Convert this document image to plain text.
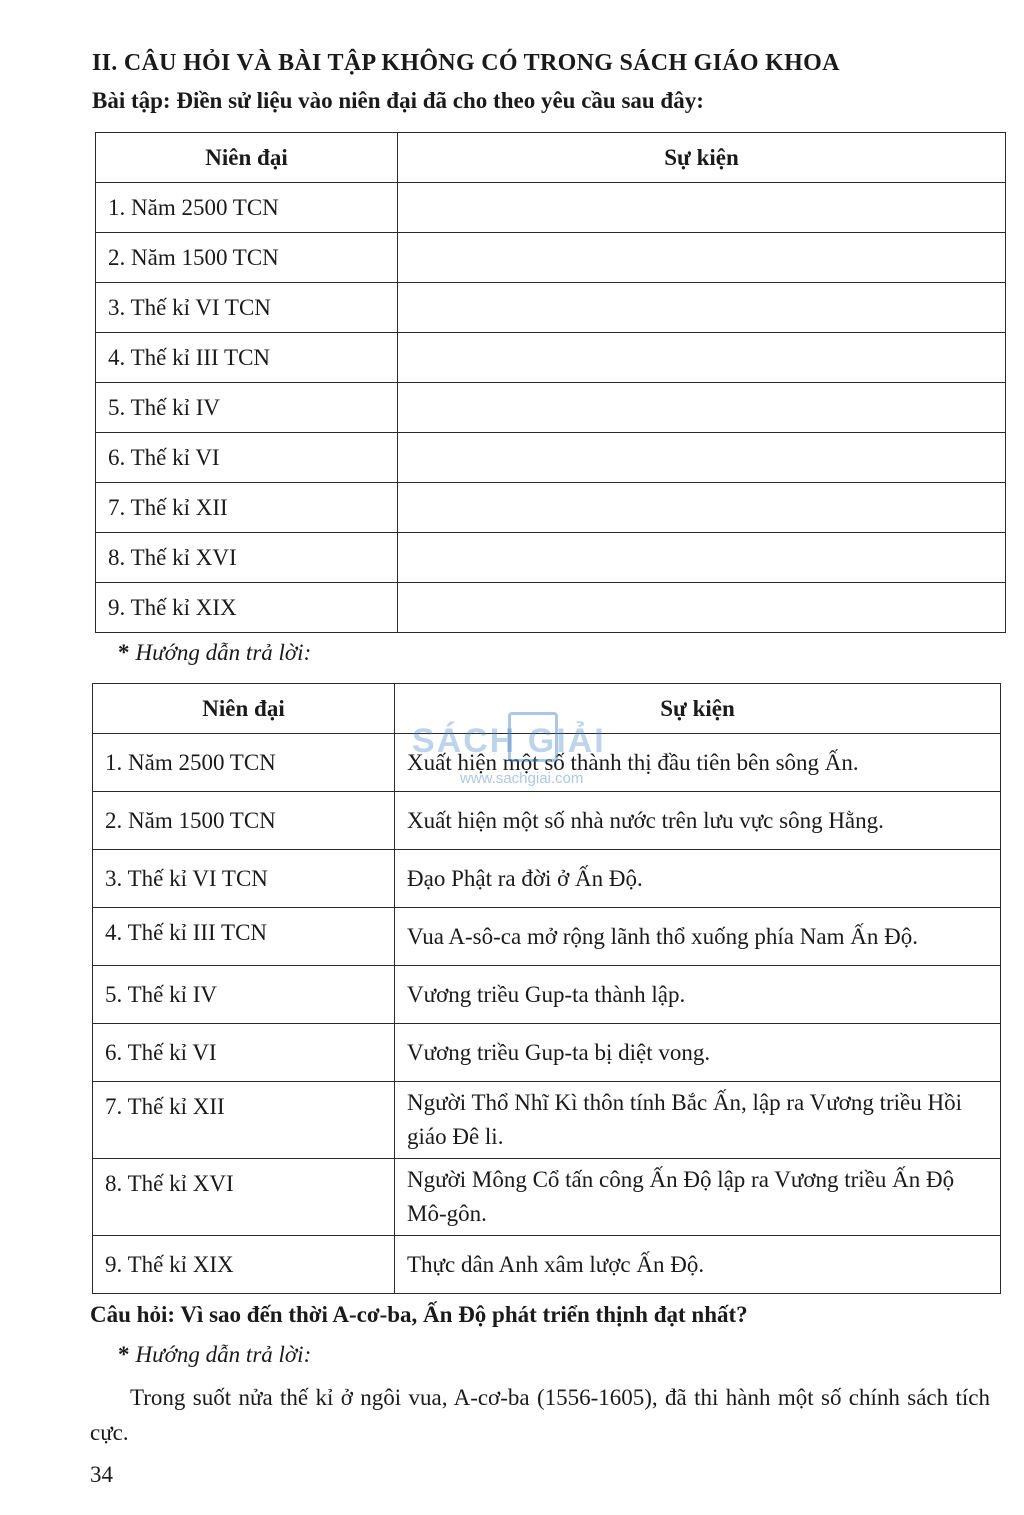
II. CÂU HỎI VÀ BÀI TẬP KHÔNG CÓ TRONG SÁCH GIÁO KHOA
Bài tập: Điền sử liệu vào niên đại đã cho theo yêu cầu sau đây:
Niên đại	Sự kiện
1. Năm 2500 TCN	
2. Năm 1500 TCN	
3. Thế kỉ VI TCN	
4. Thế kỉ III TCN	
5. Thế kỉ IV	
6. Thế kỉ VI	
7. Thế kỉ XII	
8. Thế kỉ XVI	
9. Thế kỉ XIX	
* Hướng dẫn trả lời:
Niên đại	Sự kiện
1. Năm 2500 TCN	Xuất hiện một số thành thị đầu tiên bên sông Ấn.
2. Năm 1500 TCN	Xuất hiện một số nhà nước trên lưu vực sông Hằng.
3. Thế kỉ VI TCN	Đạo Phật ra đời ở Ấn Độ.
4. Thế kỉ III TCN	Vua A-sô-ca mở rộng lãnh thổ xuống phía Nam Ấn Độ.
5. Thế kỉ IV	Vương triều Gup-ta thành lập.
6. Thế kỉ VI	Vương triều Gup-ta bị diệt vong.
7. Thế kỉ XII	Người Thổ Nhĩ Kì thôn tính Bắc Ấn, lập ra Vương triều Hồi giáo Đê li.
8. Thế kỉ XVI	Người Mông Cổ tấn công Ấn Độ lập ra Vương triều Ấn Độ Mô-gôn.
9. Thế kỉ XIX	Thực dân Anh xâm lược Ấn Độ.
SÁCH GIẢI
www.sachgiai.com
Câu hỏi: Vì sao đến thời A-cơ-ba, Ấn Độ phát triển thịnh đạt nhất?
* Hướng dẫn trả lời:
Trong suốt nửa thế kỉ ở ngôi vua, A-cơ-ba (1556-1605), đã thi hành một số chính sách tích cực.
34
